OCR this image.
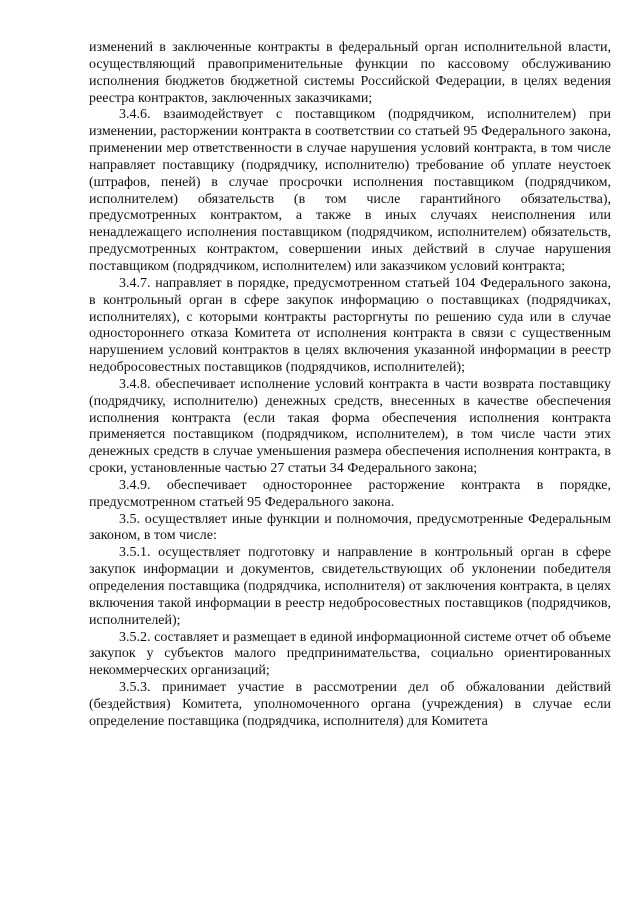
изменений в заключенные контракты в федеральный орган исполнительной власти, осуществляющий правоприменительные функции по кассовому обслуживанию исполнения бюджетов бюджетной системы Российской Федерации, в целях ведения реестра контрактов, заключенных заказчиками;

3.4.6. взаимодействует с поставщиком (подрядчиком, исполнителем) при изменении, расторжении контракта в соответствии со статьей 95 Федерального закона, применении мер ответственности в случае нарушения условий контракта, в том числе направляет поставщику (подрядчику, исполнителю) требование об уплате неустоек (штрафов, пеней) в случае просрочки исполнения поставщиком (подрядчиком, исполнителем) обязательств (в том числе гарантийного обязательства), предусмотренных контрактом, а также в иных случаях неисполнения или ненадлежащего исполнения поставщиком (подрядчиком, исполнителем) обязательств, предусмотренных контрактом, совершении иных действий в случае нарушения поставщиком (подрядчиком, исполнителем) или заказчиком условий контракта;

3.4.7. направляет в порядке, предусмотренном статьей 104 Федерального закона, в контрольный орган в сфере закупок информацию о поставщиках (подрядчиках, исполнителях), с которыми контракты расторгнуты по решению суда или в случае одностороннего отказа Комитета от исполнения контракта в связи с существенным нарушением условий контрактов в целях включения указанной информации в реестр недобросовестных поставщиков (подрядчиков, исполнителей);

3.4.8. обеспечивает исполнение условий контракта в части возврата поставщику (подрядчику, исполнителю) денежных средств, внесенных в качестве обеспечения исполнения контракта (если такая форма обеспечения исполнения контракта применяется поставщиком (подрядчиком, исполнителем), в том числе части этих денежных средств в случае уменьшения размера обеспечения исполнения контракта, в сроки, установленные частью 27 статьи 34 Федерального закона;

3.4.9. обеспечивает одностороннее расторжение контракта в порядке, предусмотренном статьей 95 Федерального закона.

3.5. осуществляет иные функции и полномочия, предусмотренные Федеральным законом, в том числе:

3.5.1. осуществляет подготовку и направление в контрольный орган в сфере закупок информации и документов, свидетельствующих об уклонении победителя определения поставщика (подрядчика, исполнителя) от заключения контракта, в целях включения такой информации в реестр недобросовестных поставщиков (подрядчиков, исполнителей);

3.5.2. составляет и размещает в единой информационной системе отчет об объеме закупок у субъектов малого предпринимательства, социально ориентированных некоммерческих организаций;

3.5.3. принимает участие в рассмотрении дел об обжаловании действий (бездействия) Комитета, уполномоченного органа (учреждения) в случае если определение поставщика (подрядчика, исполнителя) для Комитета
